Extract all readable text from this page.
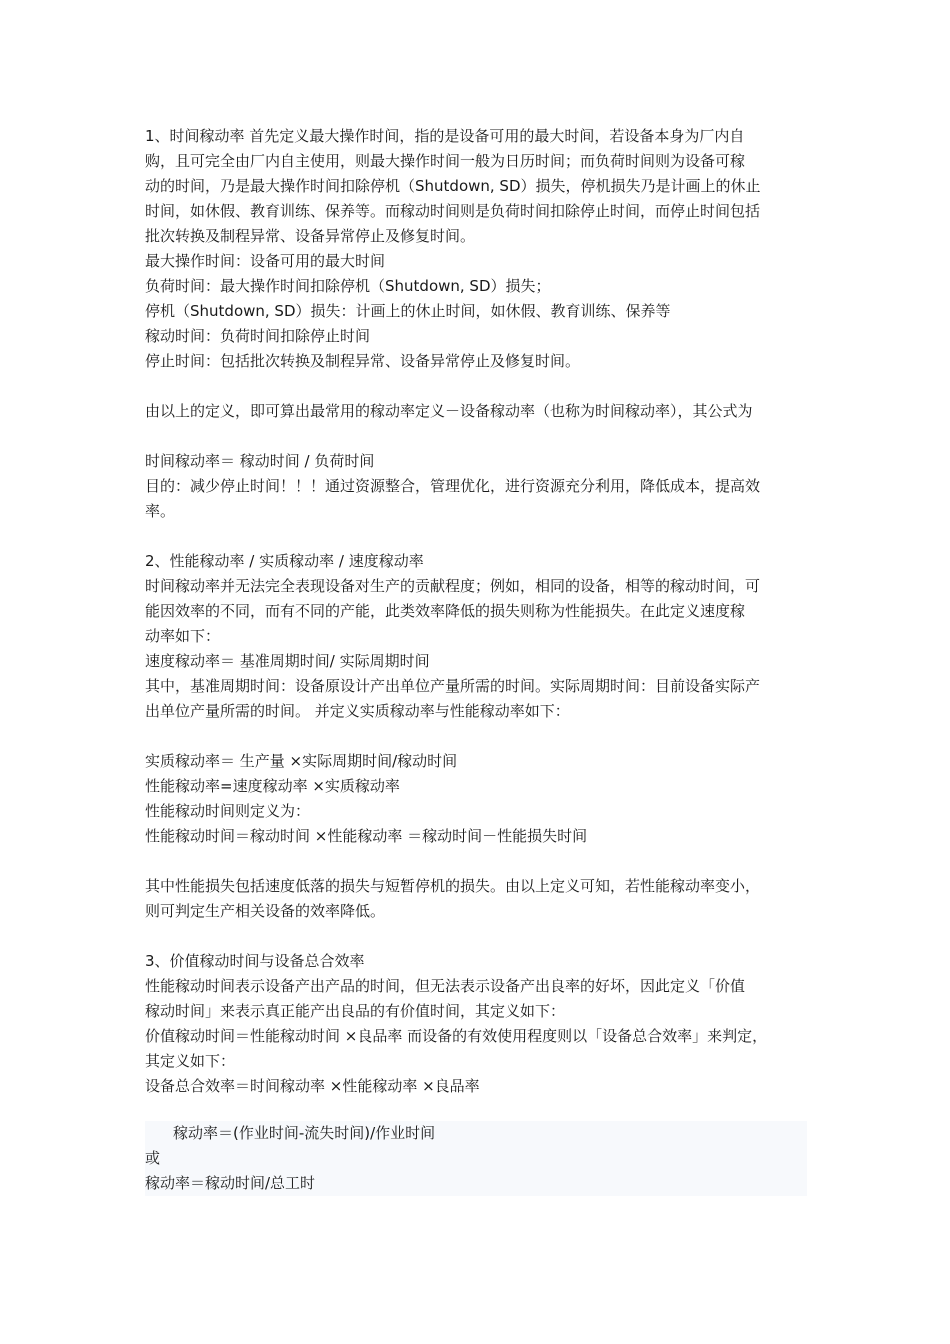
1、时间稼动率 首先定义最大操作时间，指的是设备可用的最大时间，若设备本身为厂内自
购，且可完全由厂内自主使用，则最大操作时间一般为日历时间；而负荷时间则为设备可稼
动的时间，乃是最大操作时间扣除停机（Shutdown, SD）损失，停机损失乃是计画上的休止
时间，如休假、教育训练、保养等。而稼动时间则是负荷时间扣除停止时间，而停止时间包括
批次转换及制程异常、设备异常停止及修复时间。
最大操作时间：设备可用的最大时间
负荷时间：最大操作时间扣除停机（Shutdown, SD）损失；
停机（Shutdown, SD）损失：计画上的休止时间，如休假、教育训练、保养等
稼动时间：负荷时间扣除停止时间
停止时间：包括批次转换及制程异常、设备异常停止及修复时间。
由以上的定义，即可算出最常用的稼动率定义－设备稼动率（也称为时间稼动率），其公式为
时间稼动率＝ 稼动时间 / 负荷时间
目的：减少停止时间！！！通过资源整合，管理优化，进行资源充分利用，降低成本，提高效
率。
2、性能稼动率 / 实质稼动率 / 速度稼动率
时间稼动率并无法完全表现设备对生产的贡献程度；例如，相同的设备，相等的稼动时间，可
能因效率的不同，而有不同的产能，此类效率降低的损失则称为性能损失。在此定义速度稼
动率如下：
速度稼动率＝ 基准周期时间/ 实际周期时间
其中，基准周期时间：设备原设计产出单位产量所需的时间。实际周期时间：目前设备实际产
出单位产量所需的时间。 并定义实质稼动率与性能稼动率如下：
实质稼动率＝ 生产量 ×实际周期时间/稼动时间
性能稼动率=速度稼动率 ×实质稼动率
性能稼动时间则定义为：
性能稼动时间＝稼动时间 ×性能稼动率 ＝稼动时间－性能损失时间
其中性能损失包括速度低落的损失与短暂停机的损失。由以上定义可知，若性能稼动率变小，
则可判定生产相关设备的效率降低。
3、价值稼动时间与设备总合效率
性能稼动时间表示设备产出产品的时间，但无法表示设备产出良率的好坏，因此定义「价值
稼动时间」来表示真正能产出良品的有价值时间，其定义如下：
价值稼动时间＝性能稼动时间 ×良品率 而设备的有效使用程度则以「设备总合效率」来判定，
其定义如下：
设备总合效率＝时间稼动率 ×性能稼动率 ×良品率
稼动率＝(作业时间-流失时间)/作业时间
或
稼动率＝稼动时间/总工时
